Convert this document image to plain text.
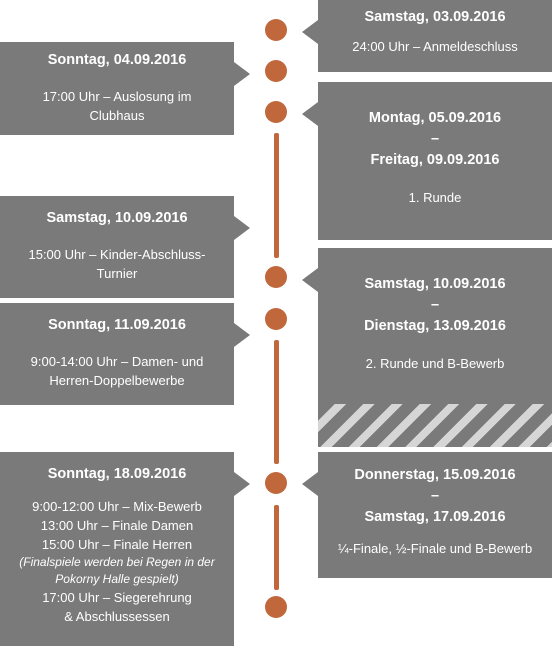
Samstag, 03.09.2016
24:00 Uhr – Anmeldeschluss
Montag, 05.09.2016
–
Freitag, 09.09.2016
1. Runde
Samstag, 10.09.2016
–
Dienstag, 13.09.2016
2. Runde und B-Bewerb
Donnerstag, 15.09.2016
–
Samstag, 17.09.2016
¼-Finale, ½-Finale und B-Bewerb
Sonntag, 04.09.2016
17:00 Uhr – Auslosung im
Clubhaus
Samstag, 10.09.2016
15:00 Uhr – Kinder-Abschluss-
Turnier
Sonntag, 11.09.2016
9:00-14:00 Uhr – Damen- und
Herren-Doppelbewerbe
Sonntag, 18.09.2016
9:00-12:00 Uhr – Mix-Bewerb
13:00 Uhr – Finale Damen
15:00 Uhr – Finale Herren
(Finalspiele werden bei Regen in der
Pokorny Halle gespielt)
17:00 Uhr – Siegerehrung
& Abschlussessen
